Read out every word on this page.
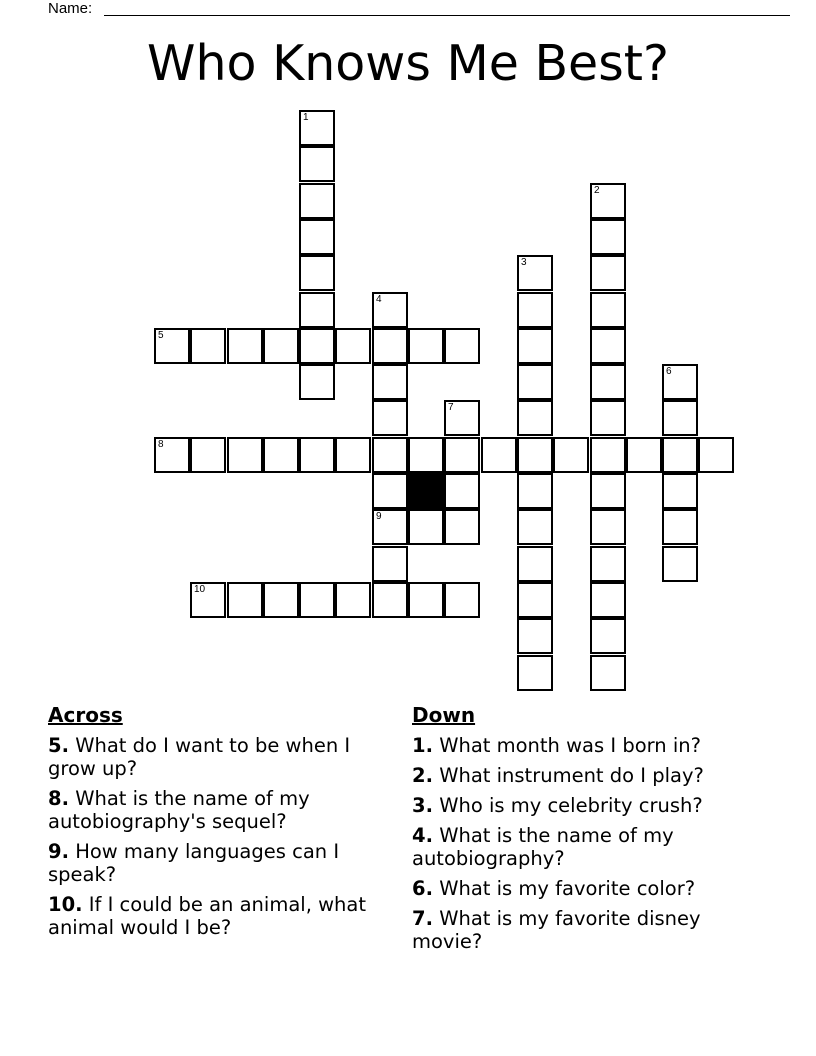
Name:
Who Knows Me Best?
1
2
3
4
5
6
7
8
9
10
Across
5. What do I want to be when I grow up?
8. What is the name of my autobiography's sequel?
9. How many languages can I speak?
10. If I could be an animal, what animal would I be?
Down
1. What month was I born in?
2. What instrument do I play?
3. Who is my celebrity crush?
4. What is the name of my autobiography?
6. What is my favorite color?
7. What is my favorite disney movie?
